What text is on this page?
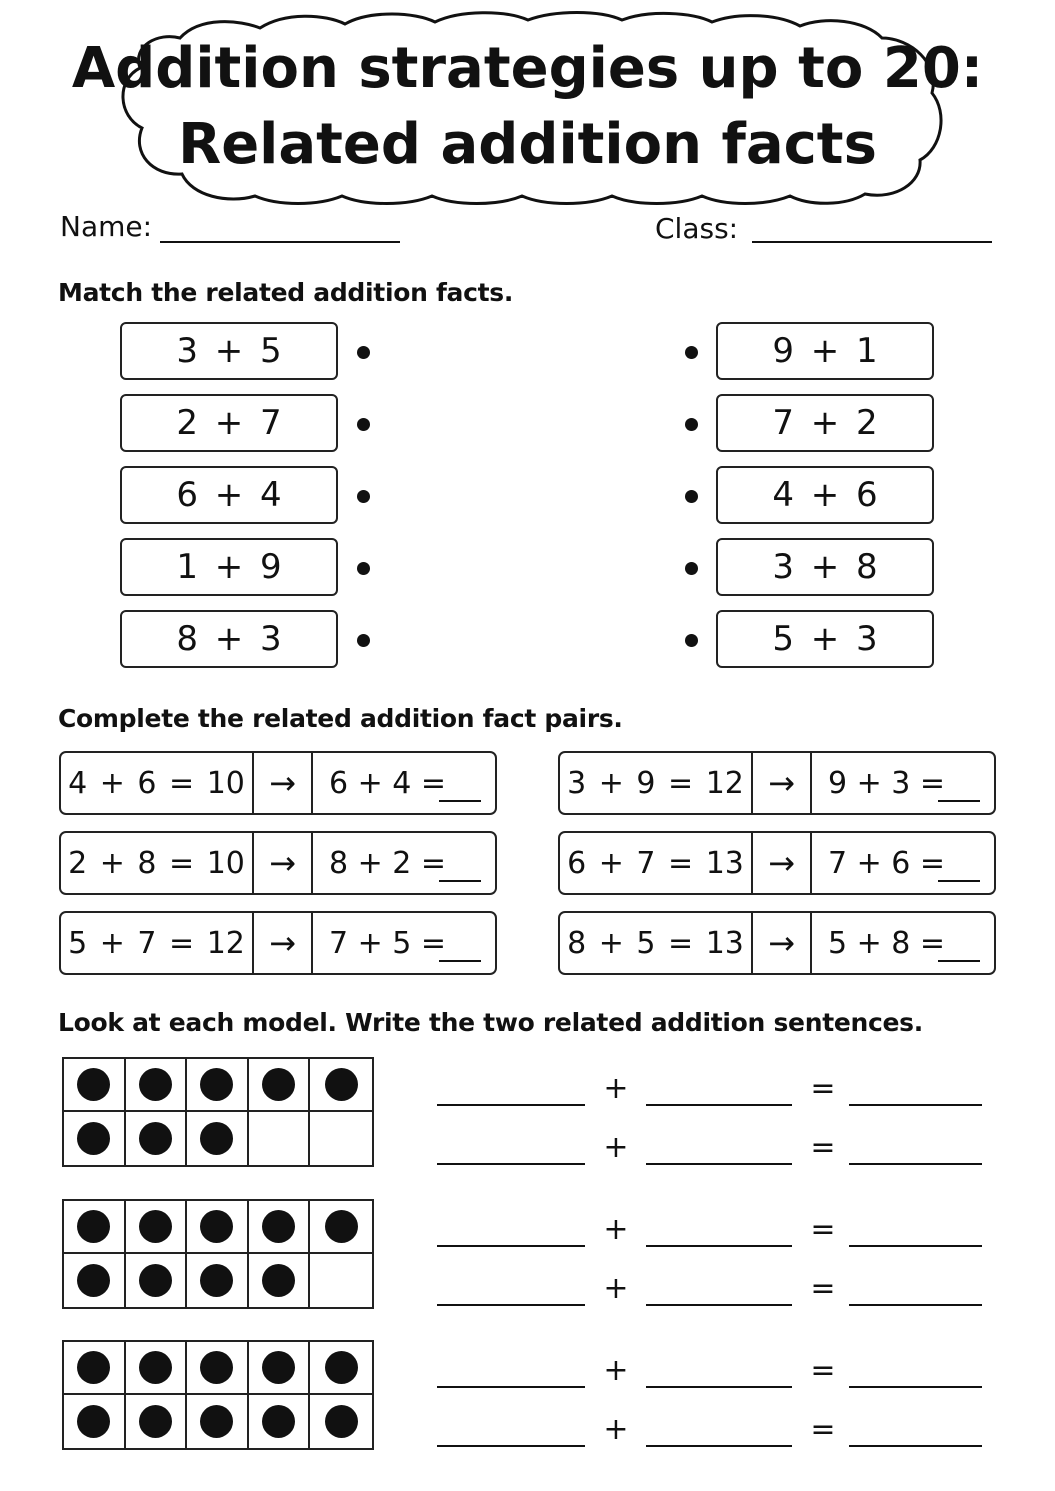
Addition strategies up to 20:
Related addition facts
Name:	Class:
Match the related addition facts.
3 + 5
2 + 7
6 + 4
1 + 9
8 + 3
9 + 1
7 + 2
4 + 6
3 + 8
5 + 3
Complete the related addition fact pairs.
4 + 6 = 10 →	6 + 4 =	3 + 9 = 12 →	9 + 3 =
2 + 8 = 10 →	8 + 2 =	6 + 7 = 13 →	7 + 6 =
5 + 7 = 12 →	7 + 5 =	8 + 5 = 13 →	5 + 8 =
Look at each model. Write the two related addition sentences.
+	=
+	=
+	=
+	=
+	=
+	=
